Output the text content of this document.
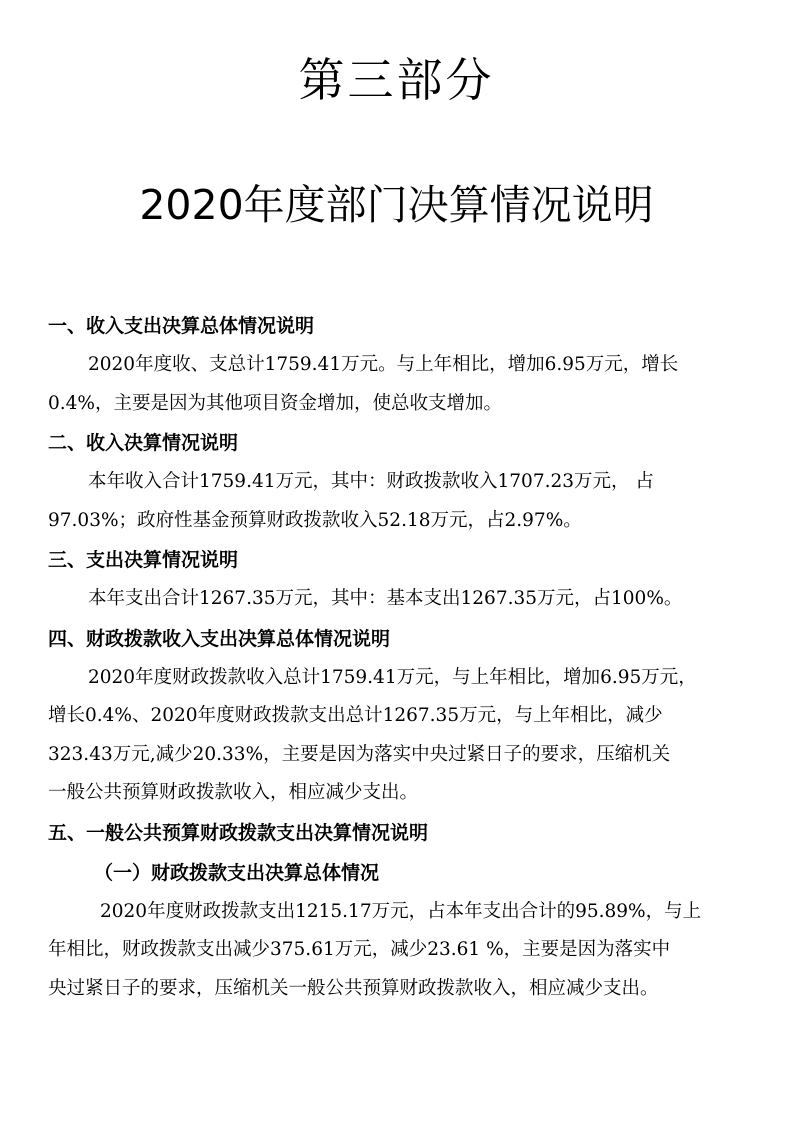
第三部分
2020年度部门决算情况说明
一、收入支出决算总体情况说明
2020年度收、支总计1759.41万元。与上年相比，增加6.95万元，增长
0.4%，主要是因为其他项目资金增加，使总收支增加。
二、收入决算情况说明
本年收入合计1759.41万元，其中：财政拨款收入1707.23万元， 占
97.03%；政府性基金预算财政拨款收入52.18万元，占2.97%。
三、支出决算情况说明
本年支出合计1267.35万元，其中：基本支出1267.35万元，占100%。
四、财政拨款收入支出决算总体情况说明
2020年度财政拨款收入总计1759.41万元，与上年相比，增加6.95万元，
增长0.4%、2020年度财政拨款支出总计1267.35万元，与上年相比，减少
323.43万元,减少20.33%，主要是因为落实中央过紧日子的要求，压缩机关
一般公共预算财政拨款收入，相应减少支出。
五、一般公共预算财政拨款支出决算情况说明
（一）财政拨款支出决算总体情况
2020年度财政拨款支出1215.17万元，占本年支出合计的95.89%，与上
年相比，财政拨款支出减少375.61万元，减少23.61 %，主要是因为落实中
央过紧日子的要求，压缩机关一般公共预算财政拨款收入，相应减少支出。
